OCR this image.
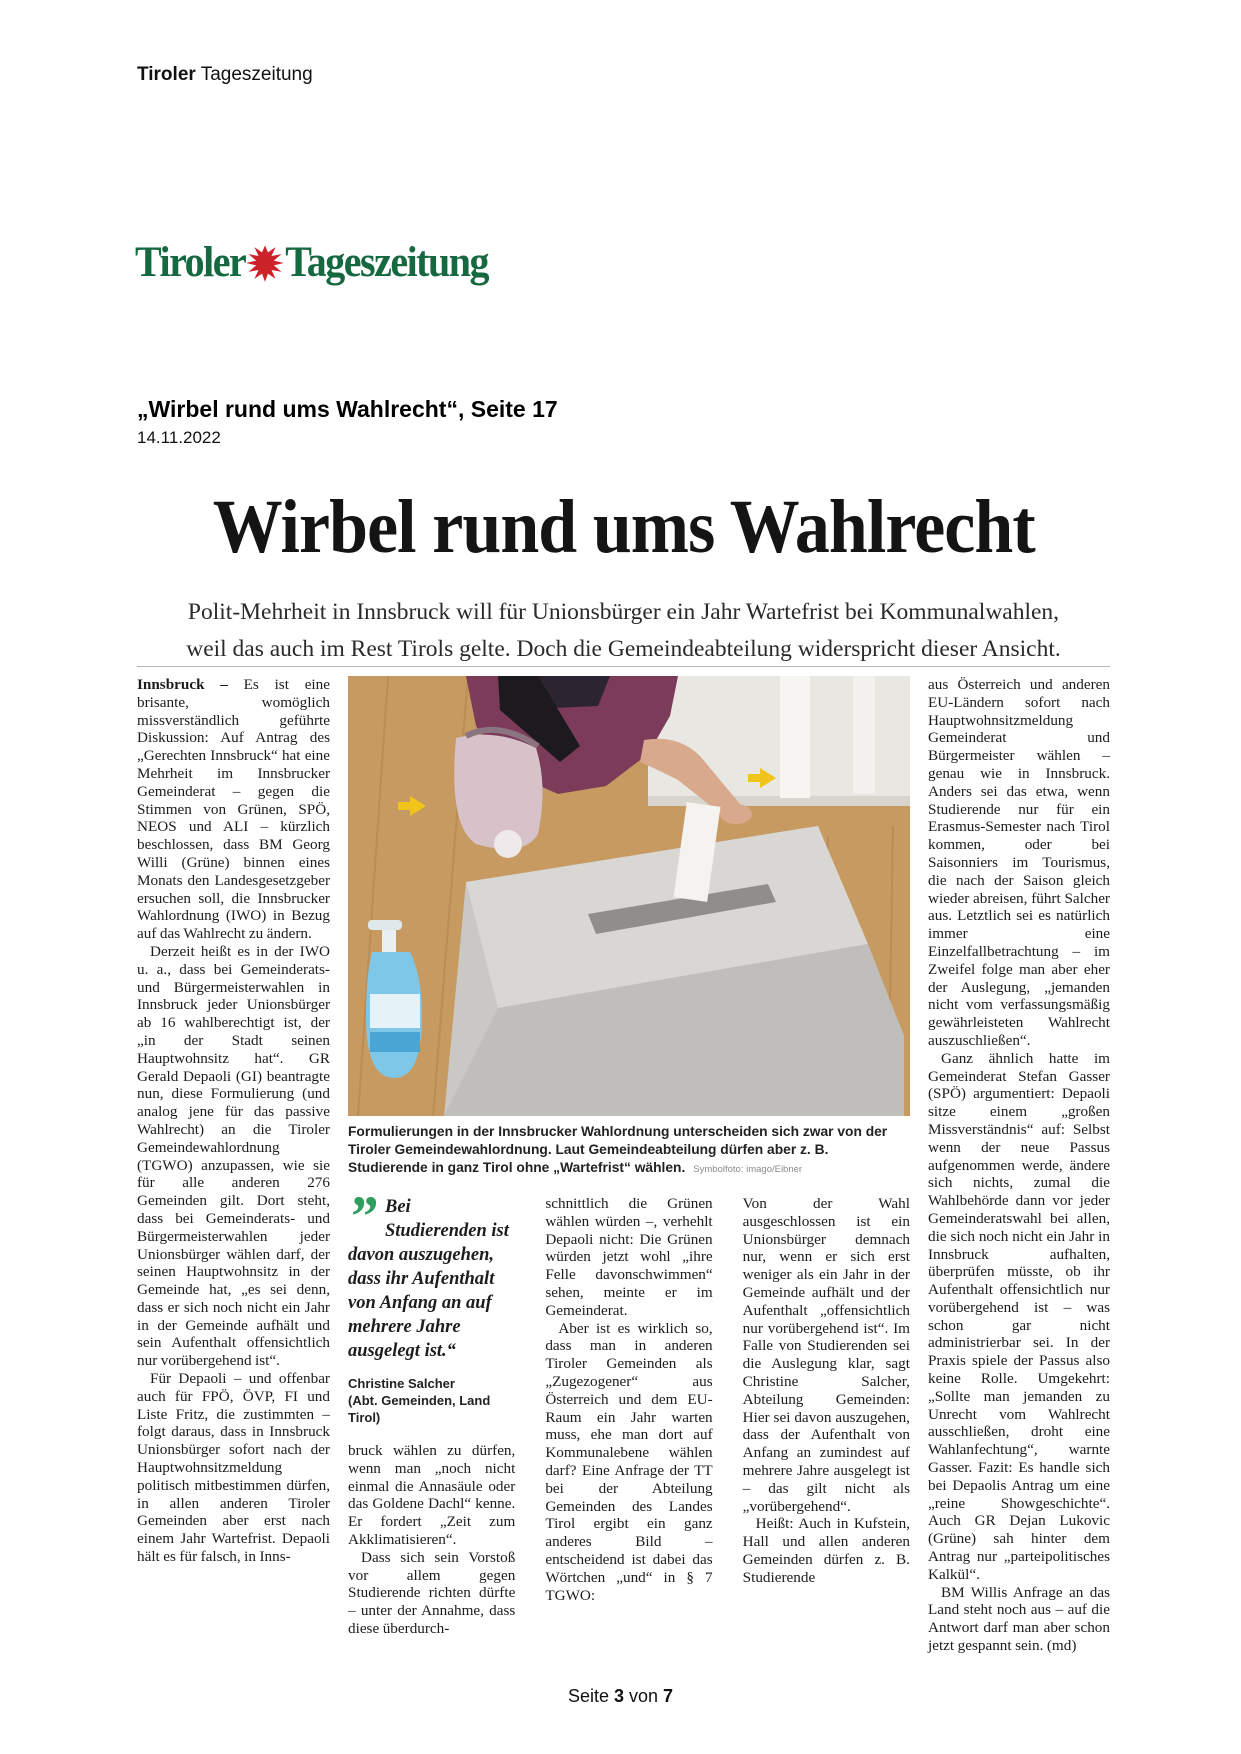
Tiroler Tageszeitung
Tiroler Tageszeitung
„Wirbel rund ums Wahlrecht“, Seite 17
14.11.2022
Wirbel rund ums Wahlrecht
Polit-Mehrheit in Innsbruck will für Unionsbürger ein Jahr Wartefrist bei Kommunalwahlen,
weil das auch im Rest Tirols gelte. Doch die Gemeindeabteilung widerspricht dieser Ansicht.

Innsbruck – Es ist eine brisante, womöglich missverständlich geführte Diskussion: Auf Antrag des „Gerechten Innsbruck“ hat eine Mehrheit im Innsbrucker Gemeinderat – gegen die Stimmen von Grünen, SPÖ, NEOS und ALI – kürzlich beschlossen, dass BM Georg Willi (Grüne) binnen eines Monats den Landesgesetzgeber ersuchen soll, die Innsbrucker Wahlordnung (IWO) in Bezug auf das Wahlrecht zu ändern.

Derzeit heißt es in der IWO u. a., dass bei Gemeinderats- und Bürgermeisterwahlen in Innsbruck jeder Unionsbürger ab 16 wahlberechtigt ist, der „in der Stadt seinen Hauptwohnsitz hat“. GR Gerald Depaoli (GI) beantragte nun, diese Formulierung (und analog jene für das passive Wahlrecht) an die Tiroler Gemeindewahlordnung (TGWO) anzupassen, wie sie für alle anderen 276 Gemeinden gilt. Dort steht, dass bei Gemeinderats- und Bürgermeisterwahlen jeder Unionsbürger wählen darf, der seinen Hauptwohnsitz in der Gemeinde hat, „es sei denn, dass er sich noch nicht ein Jahr in der Gemeinde aufhält und sein Aufenthalt offensichtlich nur vorübergehend ist“.

Für Depaoli – und offenbar auch für FPÖ, ÖVP, FI und Liste Fritz, die zustimmten – folgt daraus, dass in Innsbruck Unionsbürger sofort nach der Hauptwohnsitzmeldung politisch mitbestimmen dürfen, in allen anderen Tiroler Gemeinden aber erst nach einem Jahr Wartefrist. Depaoli hält es für falsch, in Inns-

Formulierungen in der Innsbrucker Wahlordnung unterscheiden sich zwar von der Tiroler Gemeindewahlordnung. Laut Gemeindeabteilung dürfen aber z. B. Studierende in ganz Tirol ohne „Wartefrist“ wählen. Symbolfoto: imago/Eibner
” Bei Studierenden ist davon auszugehen, dass ihr Aufenthalt von Anfang an auf mehrere Jahre ausgelegt ist.“
Christine Salcher
(Abt. Gemeinden, Land Tirol)

bruck wählen zu dürfen, wenn man „noch nicht einmal die Annasäule oder das Goldene Dachl“ kenne. Er fordert „Zeit zum Akklimatisieren“.

Dass sich sein Vorstoß vor allem gegen Studierende richten dürfte – unter der Annahme, dass diese überdurch-

schnittlich die Grünen wählen würden –, verhehlt Depaoli nicht: Die Grünen würden jetzt wohl „ihre Felle davonschwimmen“ sehen, meinte er im Gemeinderat.

Aber ist es wirklich so, dass man in anderen Tiroler Gemeinden als „Zugezogener“ aus Österreich und dem EU-Raum ein Jahr warten muss, ehe man dort auf Kommunalebene wählen darf? Eine Anfrage der TT bei der Abteilung Gemeinden des Landes Tirol ergibt ein ganz anderes Bild – entscheidend ist dabei das Wörtchen „und“ in § 7 TGWO:

Von der Wahl ausgeschlossen ist ein Unionsbürger demnach nur, wenn er sich erst weniger als ein Jahr in der Gemeinde aufhält und der Aufenthalt „offensichtlich nur vorübergehend ist“. Im Falle von Studierenden sei die Auslegung klar, sagt Christine Salcher, Abteilung Gemeinden: Hier sei davon auszugehen, dass der Aufenthalt von Anfang an zumindest auf mehrere Jahre ausgelegt ist – das gilt nicht als „vorübergehend“.

Heißt: Auch in Kufstein, Hall und allen anderen Gemeinden dürfen z. B. Studierende

aus Österreich und anderen EU-Ländern sofort nach Hauptwohnsitzmeldung Gemeinderat und Bürgermeister wählen – genau wie in Innsbruck. Anders sei das etwa, wenn Studierende nur für ein Erasmus-Semester nach Tirol kommen, oder bei Saisonniers im Tourismus, die nach der Saison gleich wieder abreisen, führt Salcher aus. Letztlich sei es natürlich immer eine Einzelfallbetrachtung – im Zweifel folge man aber eher der Auslegung, „jemanden nicht vom verfassungsmäßig gewährleisteten Wahlrecht auszuschließen“.

Ganz ähnlich hatte im Gemeinderat Stefan Gasser (SPÖ) argumentiert: Depaoli sitze einem „großen Missverständnis“ auf: Selbst wenn der neue Passus aufgenommen werde, ändere sich nichts, zumal die Wahlbehörde dann vor jeder Gemeinderatswahl bei allen, die sich noch nicht ein Jahr in Innsbruck aufhalten, überprüfen müsste, ob ihr Aufenthalt offensichtlich nur vorübergehend ist – was schon gar nicht administrierbar sei. In der Praxis spiele der Passus also keine Rolle. Umgekehrt: „Sollte man jemanden zu Unrecht vom Wahlrecht ausschließen, droht eine Wahlanfechtung“, warnte Gasser. Fazit: Es handle sich bei Depaolis Antrag um eine „reine Showgeschichte“. Auch GR Dejan Lukovic (Grüne) sah hinter dem Antrag nur „parteipolitisches Kalkül“.

BM Willis Anfrage an das Land steht noch aus – auf die Antwort darf man aber schon jetzt gespannt sein. (md)

Seite 3 von 7
